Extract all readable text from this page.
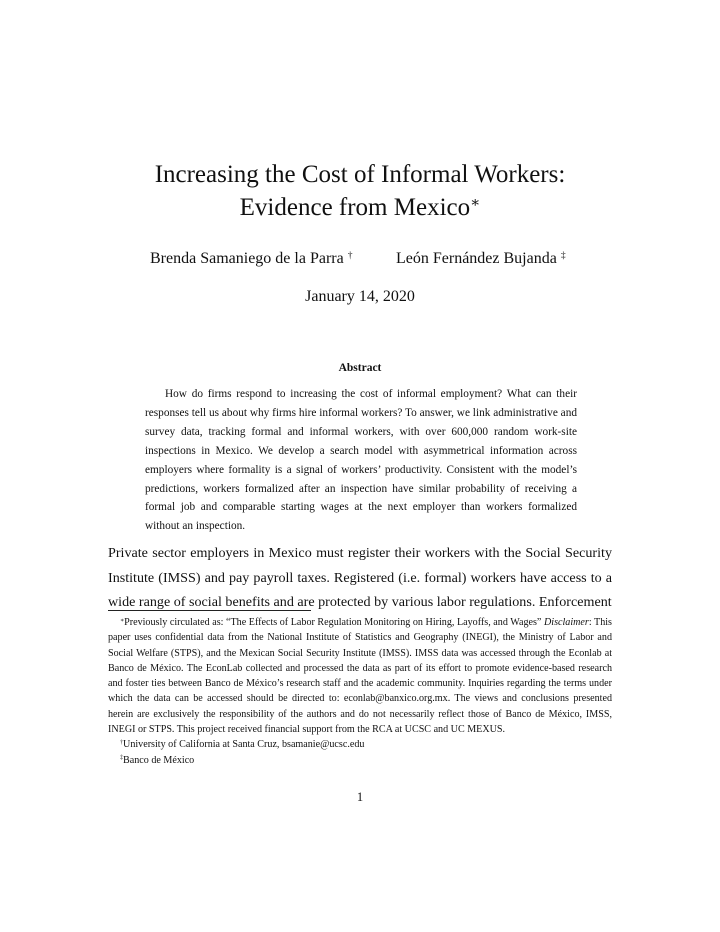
Increasing the Cost of Informal Workers:
Evidence from Mexico∗
Brenda Samaniego de la Parra †	León Fernández Bujanda ‡
January 14, 2020
Abstract
How do firms respond to increasing the cost of informal employment? What can their responses tell us about why firms hire informal workers? To answer, we link administrative and survey data, tracking formal and informal workers, with over 600,000 random work-site inspections in Mexico. We develop a search model with asymmetrical information across employers where formality is a signal of workers’ productivity. Consistent with the model’s predictions, workers formalized after an inspection have similar probability of receiving a formal job and comparable starting wages at the next employer than workers formalized without an inspection.
Private sector employers in Mexico must register their workers with the Social Security Institute (IMSS) and pay payroll taxes. Registered (i.e. formal) workers have access to a wide range of social benefits and are protected by various labor regulations. Enforcement

∗Previously circulated as: “The Effects of Labor Regulation Monitoring on Hiring, Layoffs, and Wages” Disclaimer: This paper uses confidential data from the National Institute of Statistics and Geography (INEGI), the Ministry of Labor and Social Welfare (STPS), and the Mexican Social Security Institute (IMSS). IMSS data was accessed through the Econlab at Banco de México. The EconLab collected and processed the data as part of its effort to promote evidence-based research and foster ties between Banco de México’s research staff and the academic community. Inquiries regarding the terms under which the data can be accessed should be directed to: econlab@banxico.org.mx. The views and conclusions presented herein are exclusively the responsibility of the authors and do not necessarily reflect those of Banco de México, IMSS, INEGI or STPS. This project received financial support from the RCA at UCSC and UC MEXUS.

†University of California at Santa Cruz, bsamanie@ucsc.edu

‡Banco de México

1
